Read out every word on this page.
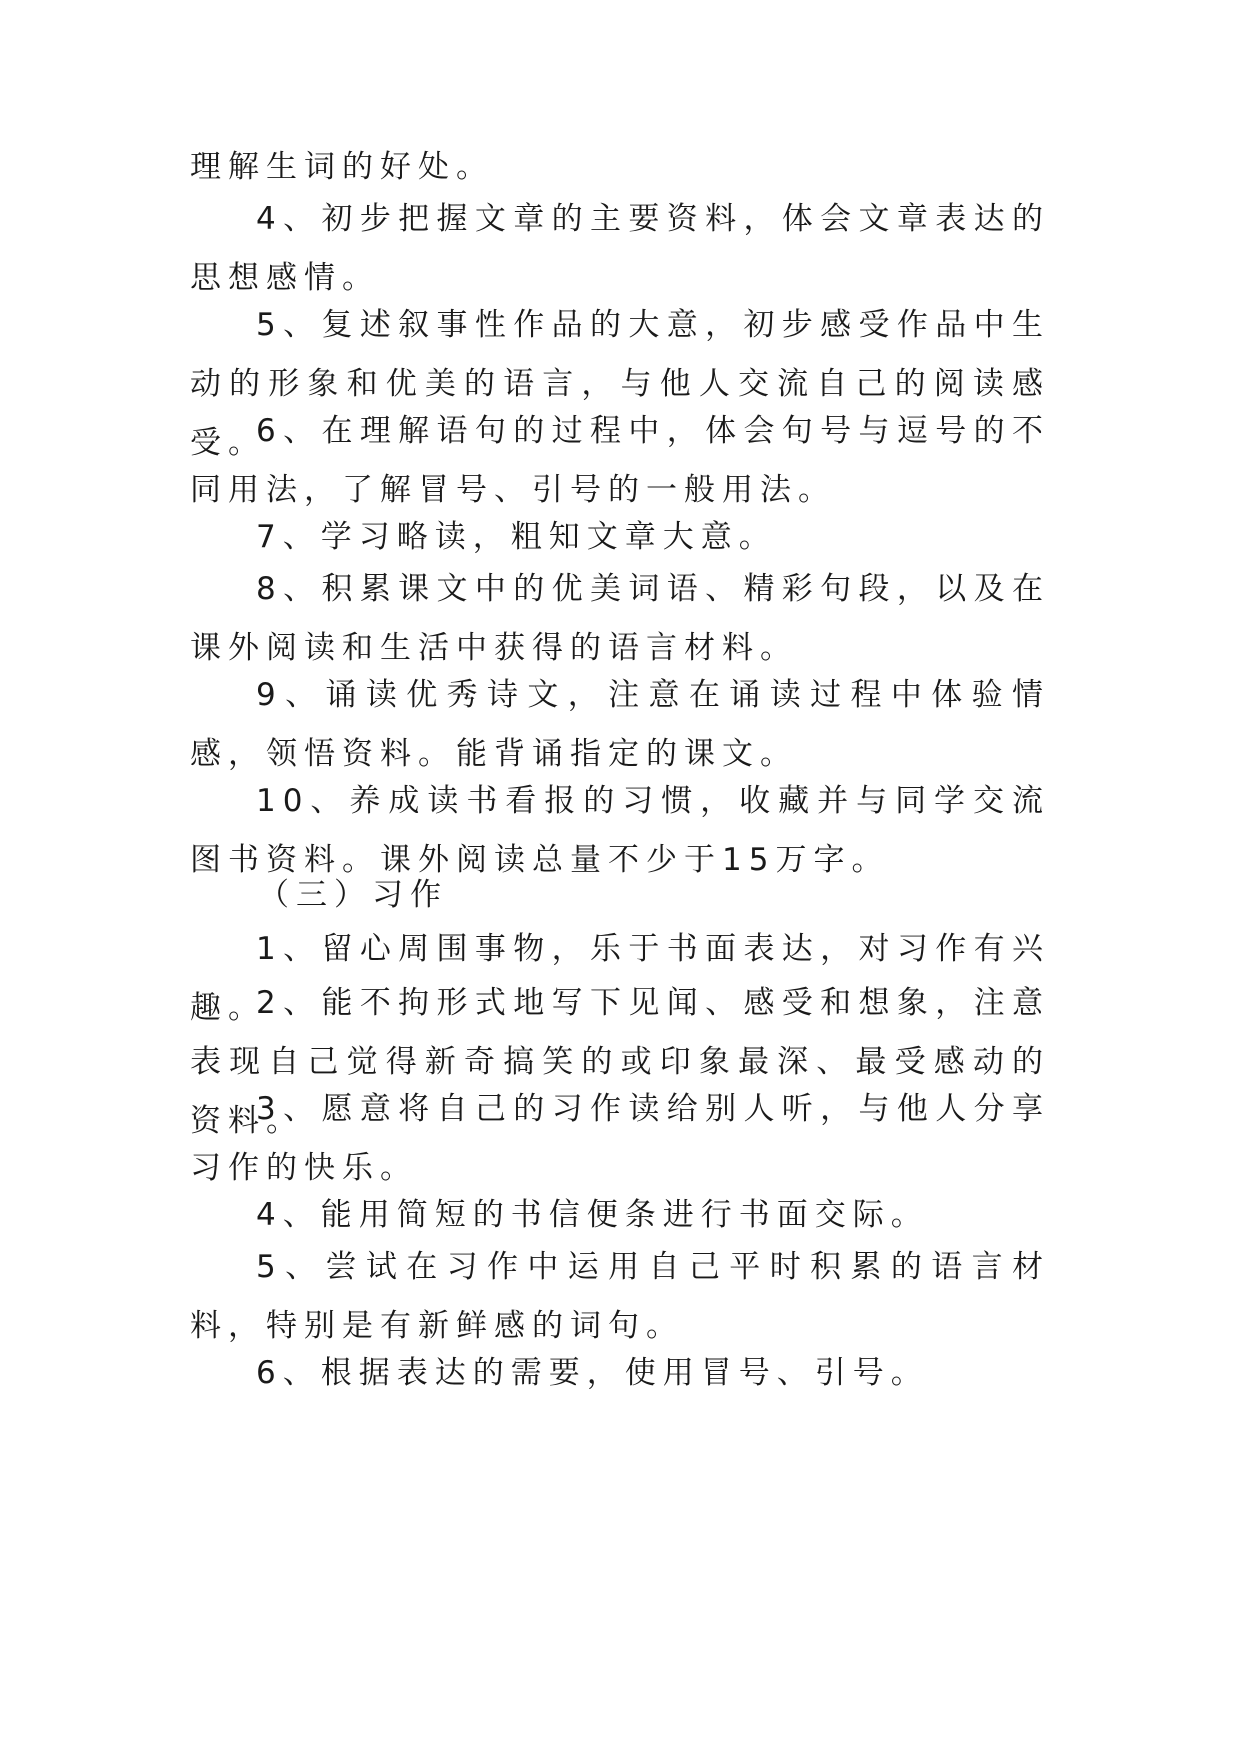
理解生词的好处。

4、初步把握文章的主要资料，体会文章表达的思想感情。

5、复述叙事性作品的大意，初步感受作品中生动的形象和优美的语言，与他人交流自己的阅读感受。

6、在理解语句的过程中，体会句号与逗号的不同用法，了解冒号、引号的一般用法。

7、学习略读，粗知文章大意。

8、积累课文中的优美词语、精彩句段，以及在课外阅读和生活中获得的语言材料。

9、诵读优秀诗文，注意在诵读过程中体验情感，领悟资料。能背诵指定的课文。

10、养成读书看报的习惯，收藏并与同学交流图书资料。课外阅读总量不少于15万字。

（三）习作

1、留心周围事物，乐于书面表达，对习作有兴趣。

2、能不拘形式地写下见闻、感受和想象，注意表现自己觉得新奇搞笑的或印象最深、最受感动的资料。

3、愿意将自己的习作读给别人听，与他人分享习作的快乐。

4、能用简短的书信便条进行书面交际。

5、尝试在习作中运用自己平时积累的语言材料，特别是有新鲜感的词句。

6、根据表达的需要，使用冒号、引号。
